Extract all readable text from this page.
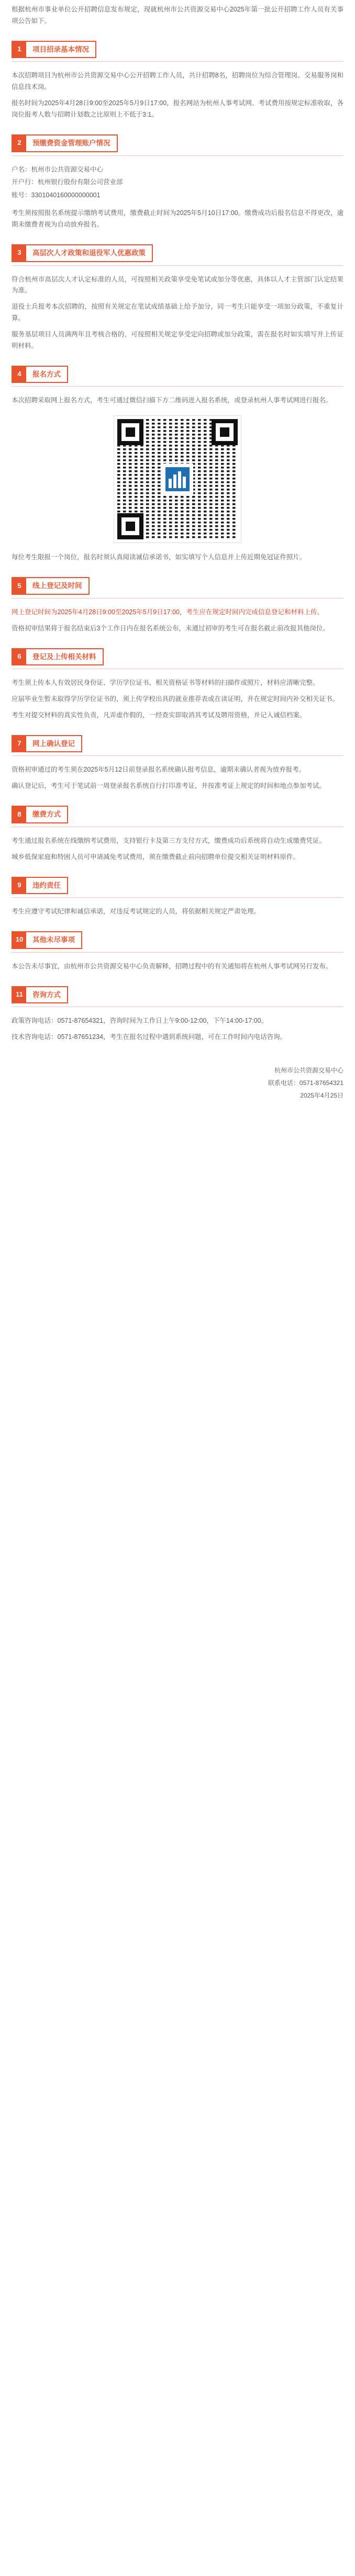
根据杭州市事业单位公开招聘信息发布规定，现就杭州市公共资源交易中心2025年第一批公开招聘工作人员有关事项公告如下。

1	项目招录基本情况

本次招聘项目为杭州市公共资源交易中心公开招聘工作人员，共计招聘8名，招聘岗位为综合管理岗、交易服务岗和信息技术岗。

报名时间为2025年4月28日9:00至2025年5月9日17:00，报名网站为杭州人事考试网。考试费用按规定标准收取，各岗位报考人数与招聘计划数之比原则上不低于3:1。

2	预缴费资金管理账户情况

户名：杭州市公共资源交易中心

开户行：杭州银行股份有限公司营业部

账号：3301040160000000001

考生须按照报名系统提示缴纳考试费用，缴费截止时间为2025年5月10日17:00。缴费成功后报名信息不得更改，逾期未缴费者视为自动放弃报名。

3	高层次人才政策和退役军人优惠政策

符合杭州市高层次人才认定标准的人员，可按照相关政策享受免笔试或加分等优惠，具体以人才主管部门认定结果为准。

退役士兵报考本次招聘的，按照有关规定在笔试成绩基础上给予加分，同一考生只能享受一项加分政策，不重复计算。

服务基层项目人员满两年且考核合格的，可按照相关规定享受定向招聘或加分政策，需在报名时如实填写并上传证明材料。

4	报名方式

本次招聘采取网上报名方式，考生可通过微信扫描下方二维码进入报名系统，或登录杭州人事考试网进行报名。

每位考生限报一个岗位，报名时须认真阅读诚信承诺书，如实填写个人信息并上传近期免冠证件照片。

5	线上登记及时间

网上登记时间为2025年4月28日9:00至2025年5月9日17:00，考生应在规定时间内完成信息登记和材料上传。

资格初审结果将于报名结束后3个工作日内在报名系统公布，未通过初审的考生可在报名截止前改报其他岗位。

6	登记及上传相关材料

考生须上传本人有效居民身份证、学历学位证书、相关资格证书等材料的扫描件或照片，材料应清晰完整。

应届毕业生暂未取得学历学位证书的，须上传学校出具的就业推荐表或在读证明，并在规定时间内补交相关证书。

考生对提交材料的真实性负责，凡弄虚作假的，一经查实即取消其考试及聘用资格，并记入诚信档案。

7	网上确认登记

资格初审通过的考生须在2025年5月12日前登录报名系统确认报考信息，逾期未确认者视为放弃报考。

确认登记后，考生可于笔试前一周登录报名系统自行打印准考证，并按准考证上规定的时间和地点参加考试。

8	缴费方式

考生通过报名系统在线缴纳考试费用，支持银行卡及第三方支付方式，缴费成功后系统将自动生成缴费凭证。

城乡低保家庭和特困人员可申请减免考试费用，须在缴费截止前向招聘单位提交相关证明材料原件。

9	违约责任

考生应遵守考试纪律和诚信承诺，对违反考试规定的人员，将依据相关规定严肃处理。

10	其他未尽事项

本公告未尽事宜，由杭州市公共资源交易中心负责解释，招聘过程中的有关通知将在杭州人事考试网另行发布。

11	咨询方式

政策咨询电话：0571-87654321，咨询时间为工作日上午9:00-12:00，下午14:00-17:00。

技术咨询电话：0571-87651234，考生在报名过程中遇到系统问题，可在工作时间内电话咨询。

杭州市公共资源交易中心

联系电话：0571-87654321

2025年4月25日
